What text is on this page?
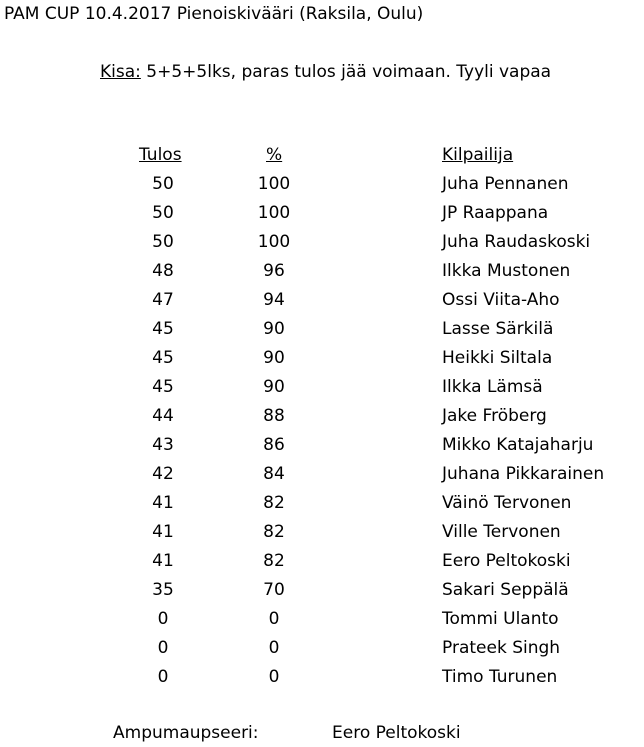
PAM CUP 10.4.2017 Pienoiskivääri (Raksila, Oulu)
Kisa: 5+5+5lks, paras tulos jää voimaan. Tyyli vapaa
Tulos	%	Kilpailija
50	100	Juha Pennanen
50	100	JP Raappana
50	100	Juha Raudaskoski
48	96	Ilkka Mustonen
47	94	Ossi Viita-Aho
45	90	Lasse Särkilä
45	90	Heikki Siltala
45	90	Ilkka Lämsä
44	88	Jake Fröberg
43	86	Mikko Katajaharju
42	84	Juhana Pikkarainen
41	82	Väinö Tervonen
41	82	Ville Tervonen
41	82	Eero Peltokoski
35	70	Sakari Seppälä
0	0	Tommi Ulanto
0	0	Prateek Singh
0	0	Timo Turunen
Ampumaupseeri:	Eero Peltokoski
